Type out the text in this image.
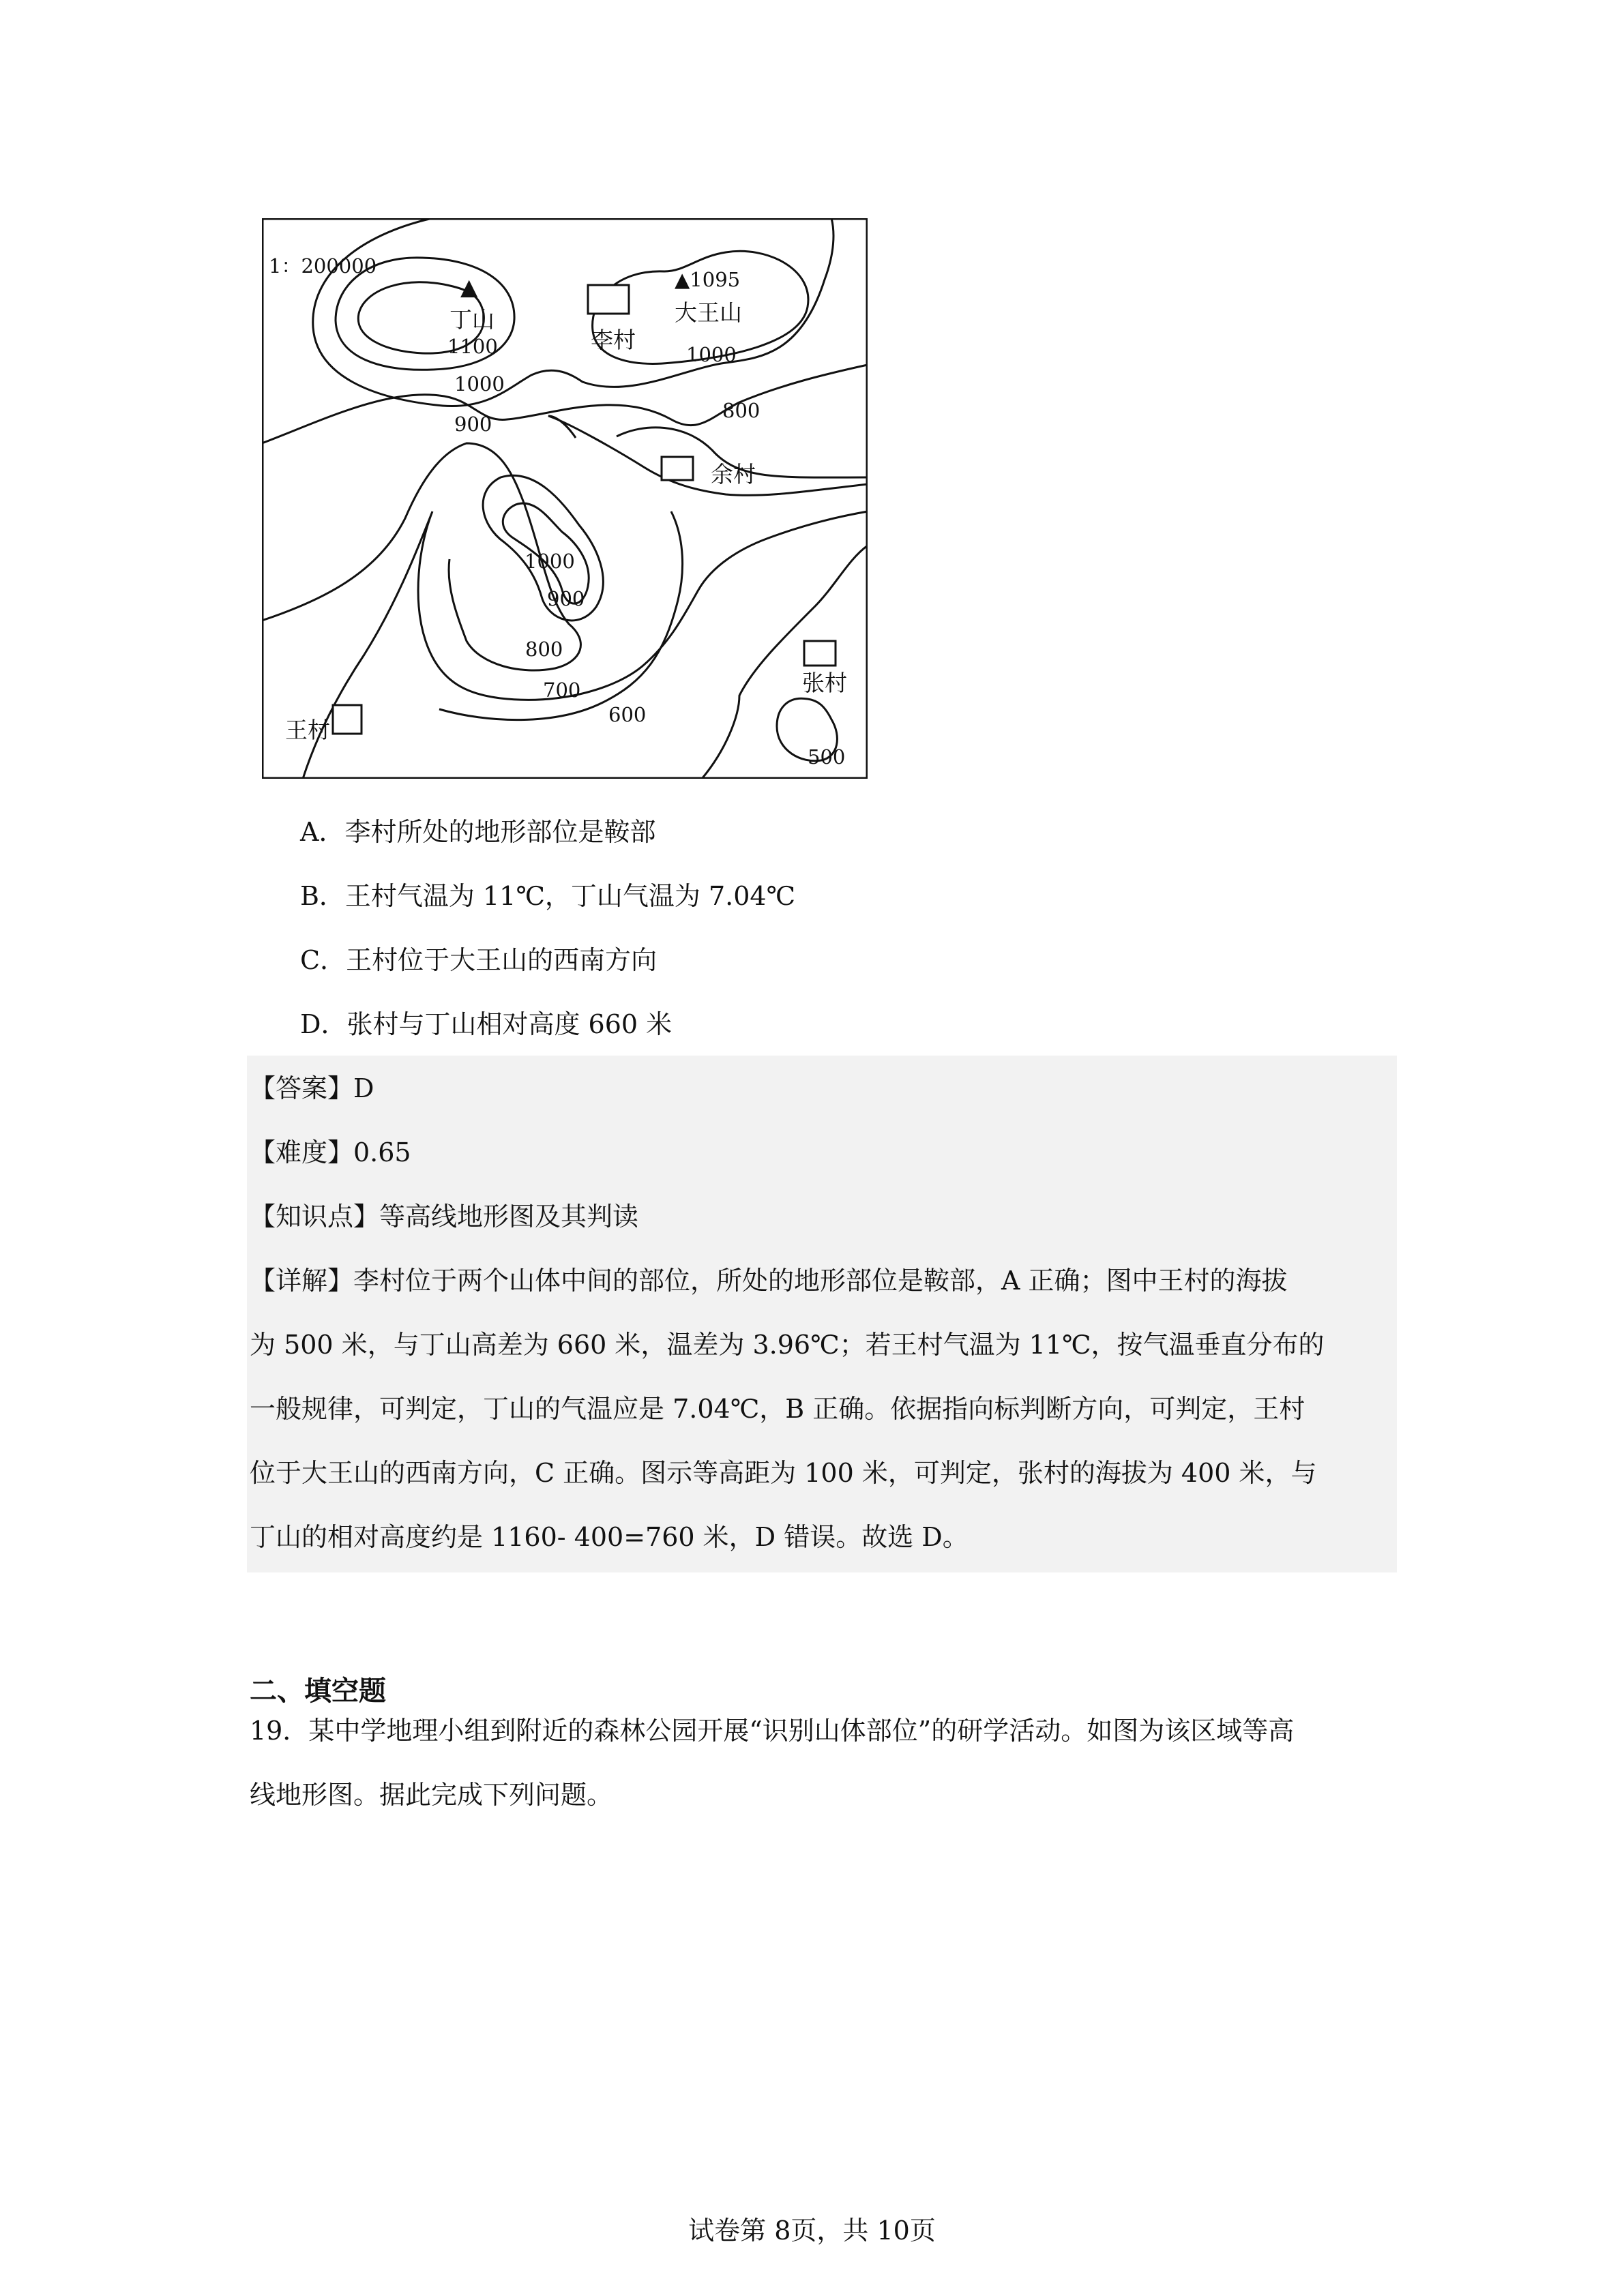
1：200000
▲
丁山
1100
1000
900
李村
▲1095
大王山
1000
800
余村
1000
900
800
700
600
张村
500
王村
A．李村所处的地形部位是鞍部
B．王村气温为 11℃，丁山气温为 7.04℃
C．王村位于大王山的西南方向
D．张村与丁山相对高度 660 米
【答案】D
【难度】0.65
【知识点】等高线地形图及其判读
【详解】李村位于两个山体中间的部位，所处的地形部位是鞍部，A 正确；图中王村的海拔
为 500 米，与丁山高差为 660 米，温差为 3.96℃；若王村气温为 11℃，按气温垂直分布的
一般规律，可判定，丁山的气温应是 7.04℃，B 正确。依据指向标判断方向，可判定，王村
位于大王山的西南方向，C 正确。图示等高距为 100 米，可判定，张村的海拔为 400 米，与
丁山的相对高度约是 1160- 400=760 米，D 错误。故选 D。
二、填空题
19．某中学地理小组到附近的森林公园开展“识别山体部位”的研学活动。如图为该区域等高
线地形图。据此完成下列问题。
试卷第 8页，共 10页
